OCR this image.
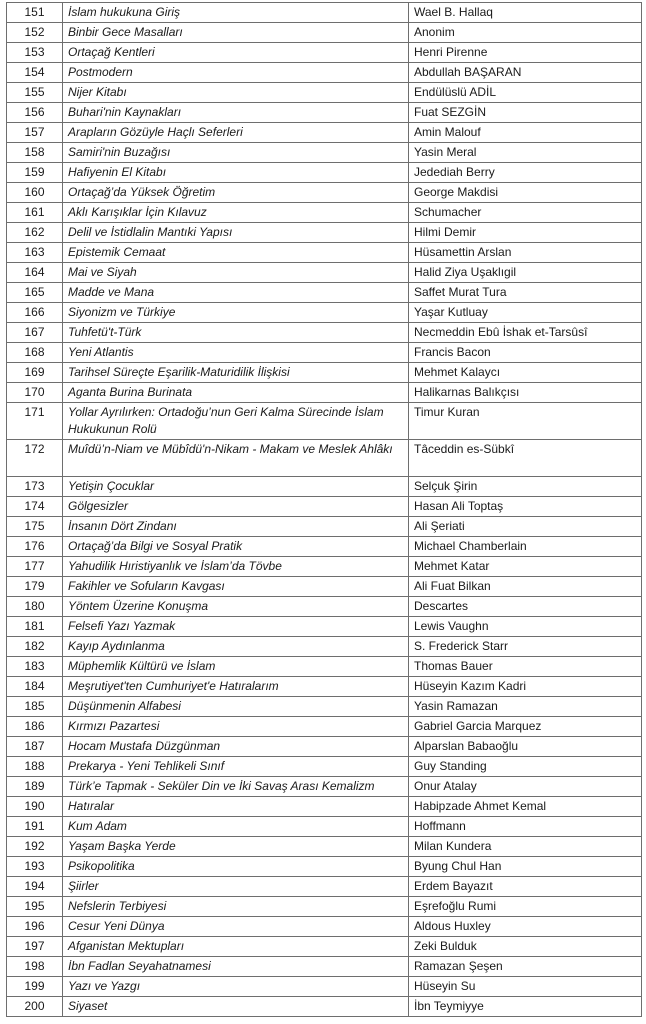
151	İslam hukukuna Giriş	Wael B. Hallaq
152	Binbir Gece Masalları	Anonim
153	Ortaçağ Kentleri	Henri Pirenne
154	Postmodern	Abdullah BAŞARAN
155	Nijer Kitabı	Endülüslü ADİL
156	Buhari'nin Kaynakları	Fuat SEZGİN
157	Arapların Gözüyle Haçlı Seferleri	Amin Malouf
158	Samiri'nin Buzağısı	Yasin Meral
159	Hafiyenin El Kitabı	Jedediah Berry
160	Ortaçağ’da Yüksek Öğretim	George Makdisi
161	Aklı Karışıklar İçin Kılavuz	Schumacher
162	Delil ve İstidlalin Mantıki Yapısı	Hilmi Demir
163	Epistemik Cemaat	Hüsamettin Arslan
164	Mai ve Siyah	Halid Ziya Uşaklıgil
165	Madde ve Mana	Saffet Murat Tura
166	Siyonizm ve Türkiye	Yaşar Kutluay
167	Tuhfetü't-Türk	Necmeddin Ebû İshak et-Tarsûsî
168	Yeni Atlantis	Francis Bacon
169	Tarihsel Süreçte Eşarilik-Maturidilik İlişkisi	Mehmet Kalaycı
170	Aganta Burina Burinata	Halikarnas Balıkçısı
171	Yollar Ayrılırken: Ortadoğu’nun Geri Kalma Sürecinde İslam Hukukunun Rolü	Timur Kuran
172	Muîdü’n-Niam ve Mübîdü'n-Nikam - Makam ve Meslek Ahlâkı	Tâceddin es-Sübkî
173	Yetişin Çocuklar	Selçuk Şirin
174	Gölgesizler	Hasan Ali Toptaş
175	İnsanın Dört Zindanı	Ali Şeriati
176	Ortaçağ’da Bilgi ve Sosyal Pratik	Michael Chamberlain
177	Yahudilik Hıristiyanlık ve İslam’da Tövbe	Mehmet Katar
179	Fakihler ve Sofuların Kavgası	Ali Fuat Bilkan
180	Yöntem Üzerine Konuşma	Descartes
181	Felsefi Yazı Yazmak	Lewis Vaughn
182	Kayıp Aydınlanma	S. Frederick Starr
183	Müphemlik Kültürü ve İslam	Thomas Bauer
184	Meşrutiyet'ten Cumhuriyet'e Hatıralarım	Hüseyin Kazım Kadri
185	Düşünmenin Alfabesi	Yasin Ramazan
186	Kırmızı Pazartesi	Gabriel Garcia Marquez
187	Hocam Mustafa Düzgünman	Alparslan Babaoğlu
188	Prekarya - Yeni Tehlikeli Sınıf	Guy Standing
189	Türk’e Tapmak - Seküler Din ve İki Savaş Arası Kemalizm	Onur Atalay
190	Hatıralar	Habipzade Ahmet Kemal
191	Kum Adam	Hoffmann
192	Yaşam Başka Yerde	Milan Kundera
193	Psikopolitika	Byung Chul Han
194	Şiirler	Erdem Bayazıt
195	Nefslerin Terbiyesi	Eşrefoğlu Rumi
196	Cesur Yeni Dünya	Aldous Huxley
197	Afganistan Mektupları	Zeki Bulduk
198	İbn Fadlan Seyahatnamesi	Ramazan Şeşen
199	Yazı ve Yazgı	Hüseyin Su
200	Siyaset	İbn Teymiyye
